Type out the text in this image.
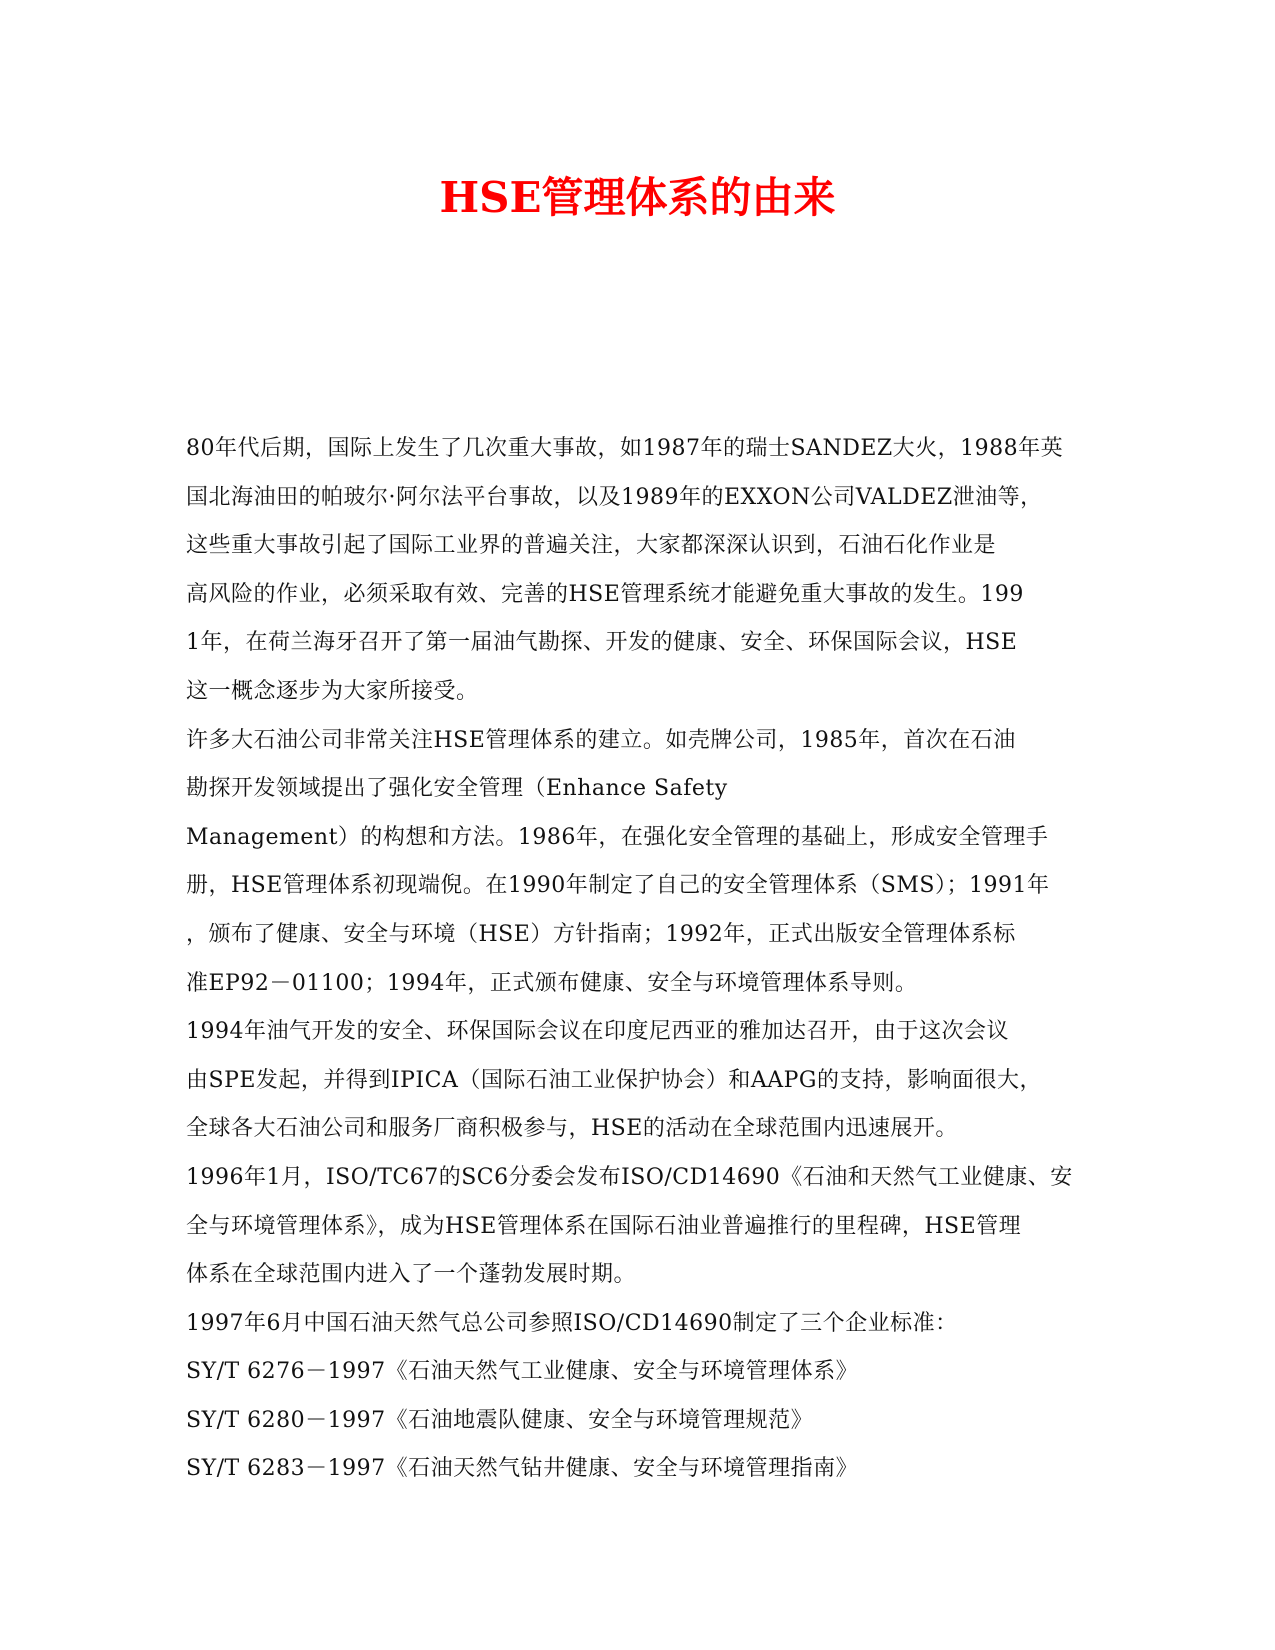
HSE管理体系的由来
80年代后期，国际上发生了几次重大事故，如1987年的瑞士SANDEZ大火，1988年英
国北海油田的帕玻尔·阿尔法平台事故，以及1989年的EXXON公司VALDEZ泄油等，
这些重大事故引起了国际工业界的普遍关注，大家都深深认识到，石油石化作业是
高风险的作业，必须采取有效、完善的HSE管理系统才能避免重大事故的发生。199
1年，在荷兰海牙召开了第一届油气勘探、开发的健康、安全、环保国际会议，HSE
这一概念逐步为大家所接受。
许多大石油公司非常关注HSE管理体系的建立。如壳牌公司，1985年，首次在石油
勘探开发领域提出了强化安全管理（Enhance Safety
Management）的构想和方法。1986年，在强化安全管理的基础上，形成安全管理手
册，HSE管理体系初现端倪。在1990年制定了自己的安全管理体系（SMS）；1991年
，颁布了健康、安全与环境（HSE）方针指南；1992年，正式出版安全管理体系标
准EP92－01100；1994年，正式颁布健康、安全与环境管理体系导则。
1994年油气开发的安全、环保国际会议在印度尼西亚的雅加达召开，由于这次会议
由SPE发起，并得到IPICA（国际石油工业保护协会）和AAPG的支持，影响面很大，
全球各大石油公司和服务厂商积极参与，HSE的活动在全球范围内迅速展开。
1996年1月，ISO/TC67的SC6分委会发布ISO/CD14690《石油和天然气工业健康、安
全与环境管理体系》，成为HSE管理体系在国际石油业普遍推行的里程碑，HSE管理
体系在全球范围内进入了一个蓬勃发展时期。
1997年6月中国石油天然气总公司参照ISO/CD14690制定了三个企业标准：
SY/T 6276－1997《石油天然气工业健康、安全与环境管理体系》
SY/T 6280－1997《石油地震队健康、安全与环境管理规范》
SY/T 6283－1997《石油天然气钻井健康、安全与环境管理指南》
